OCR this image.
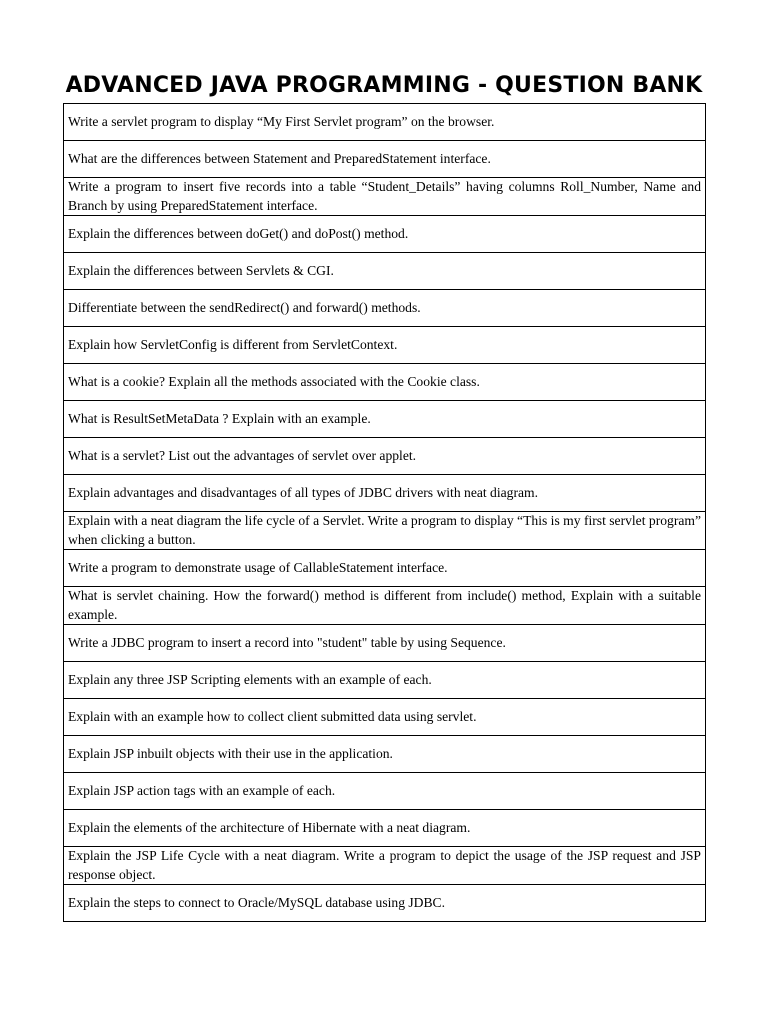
ADVANCED JAVA PROGRAMMING - QUESTION BANK
Write a servlet program to display “My First Servlet program” on the browser.

What are the differences between Statement and PreparedStatement interface.

Write a program to insert five records into a table “Student_Details” having columns Roll_Number, Name and Branch by using PreparedStatement interface.

Explain the differences between doGet() and doPost() method.

Explain the differences between Servlets & CGI.

Differentiate between the sendRedirect() and forward() methods.

Explain how ServletConfig is different from ServletContext.

What is a cookie? Explain all the methods associated with the Cookie class.

What is ResultSetMetaData ? Explain with an example.

What is a servlet? List out the advantages of servlet over applet.

Explain advantages and disadvantages of all types of JDBC drivers with neat diagram.

Explain with a neat diagram the life cycle of a Servlet. Write a program to display “This is my first servlet program” when clicking a button.

Write a program to demonstrate usage of CallableStatement interface.

What is servlet chaining. How the forward() method is different from include() method, Explain with a suitable example.

Write a JDBC program to insert a record into "student" table by using Sequence.

Explain any three JSP Scripting elements with an example of each.

Explain with an example how to collect client submitted data using servlet.

Explain JSP inbuilt objects with their use in the application.

Explain JSP action tags with an example of each.

Explain the elements of the architecture of Hibernate with a neat diagram.

Explain the JSP Life Cycle with a neat diagram. Write a program to depict the usage of the JSP request and JSP response object.

Explain the steps to connect to Oracle/MySQL database using JDBC.
